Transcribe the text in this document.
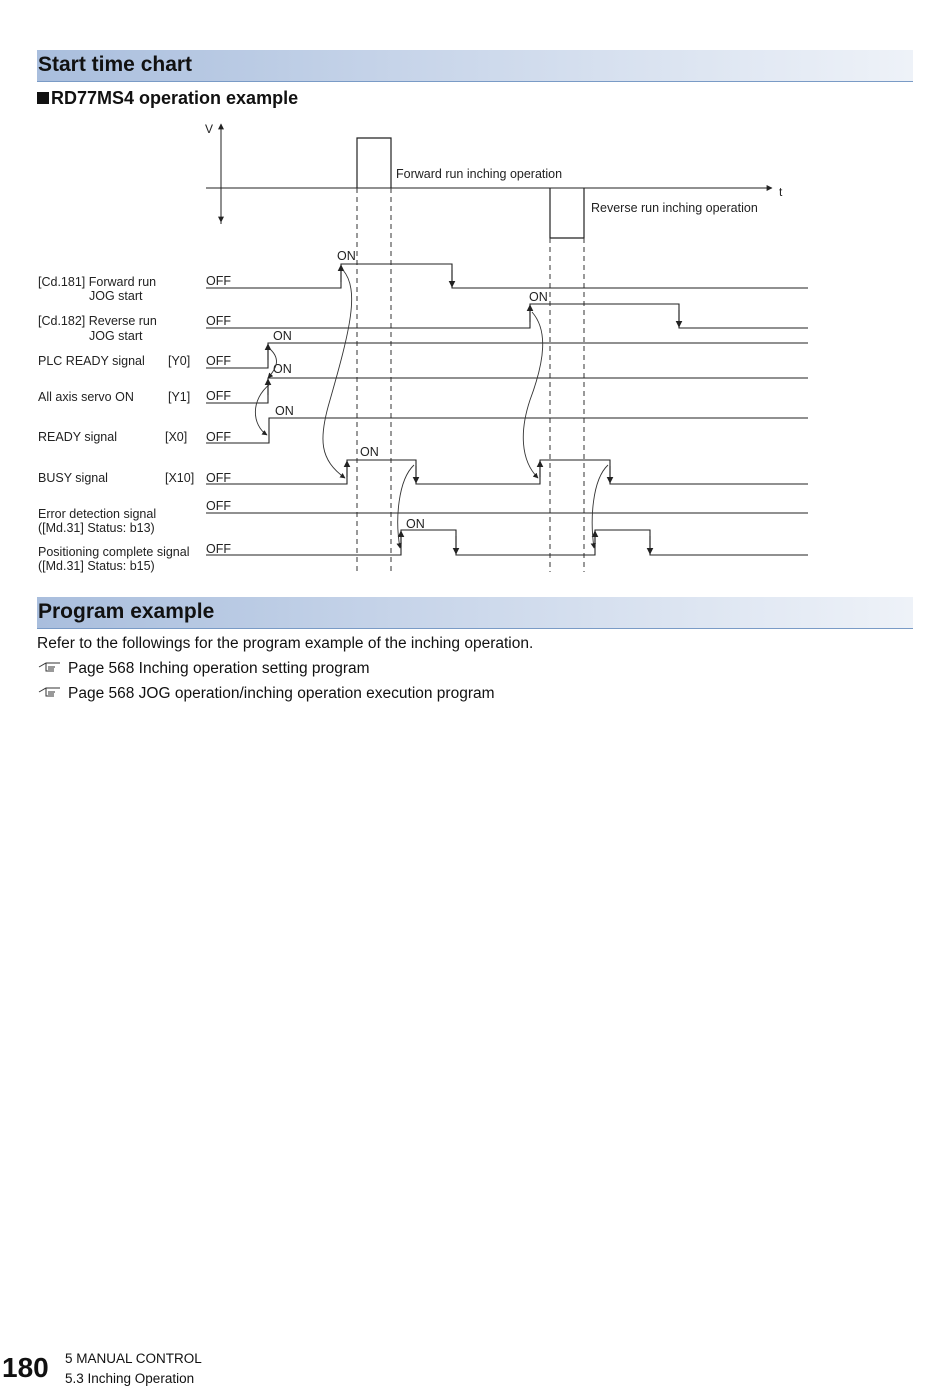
Start time chart
RD77MS4 operation example
V
t
Forward run inching operation
Reverse run inching operation
[Cd.181] Forward run
JOG start
[Cd.182] Reverse run
JOG start
PLC READY signal [Y0]
All axis servo ON	[Y1]
READY signal	[X0]
BUSY signal	[X10]
Error detection signal
([Md.31] Status: b13)
Positioning complete signal
([Md.31] Status: b15)
OFF
OFF
OFF
OFF
OFF
OFF
OFF
OFF
ON
ON
ON
ON
ON
ON
ON
Program example
Refer to the followings for the program example of the inching operation.
Page 568 Inching operation setting program
Page 568 JOG operation/inching operation execution program
180 5 MANUAL CONTROL
5.3 Inching Operation
